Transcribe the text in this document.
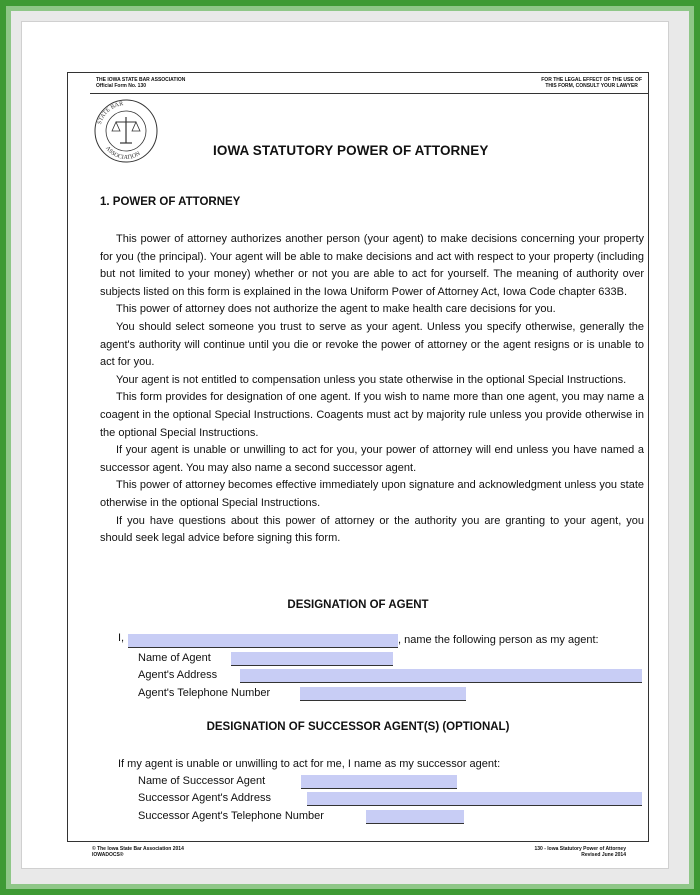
THE IOWA STATE BAR ASSOCIATION
Official Form No. 130
FOR THE LEGAL EFFECT OF THE USE OF
THIS FORM, CONSULT YOUR LAWYER
STATE BAR
ASSOCIATION	IOWA STATUTORY POWER OF ATTORNEY
1. POWER OF ATTORNEY

This power of attorney authorizes another person (your agent) to make decisions concerning your property for you (the principal). Your agent will be able to make decisions and act with respect to your property (including but not limited to your money) whether or not you are able to act for yourself. The meaning of authority over subjects listed on this form is explained in the Iowa Uniform Power of Attorney Act, Iowa Code chapter 633B.

This power of attorney does not authorize the agent to make health care decisions for you.

You should select someone you trust to serve as your agent. Unless you specify otherwise, generally the agent's authority will continue until you die or revoke the power of attorney or the agent resigns or is unable to act for you.

Your agent is not entitled to compensation unless you state otherwise in the optional Special Instructions.

This form provides for designation of one agent. If you wish to name more than one agent, you may name a coagent in the optional Special Instructions. Coagents must act by majority rule unless you provide otherwise in the optional Special Instructions.

If your agent is unable or unwilling to act for you, your power of attorney will end unless you have named a successor agent. You may also name a second successor agent.

This power of attorney becomes effective immediately upon signature and acknowledgment unless you state otherwise in the optional Special Instructions.

If you have questions about this power of attorney or the authority you are granting to your agent, you should seek legal advice before signing this form.

DESIGNATION OF AGENT
I,	, name the following person as my agent:
Name of Agent
Agent's Address
Agent's Telephone Number
DESIGNATION OF SUCCESSOR AGENT(S) (OPTIONAL)
If my agent is unable or unwilling to act for me, I name as my successor agent:
Name of Successor Agent
Successor Agent's Address
Successor Agent's Telephone Number
© The Iowa State Bar Association 2014
IOWADOCS®
130 - Iowa Statutory Power of Attorney
Revised June 2014
